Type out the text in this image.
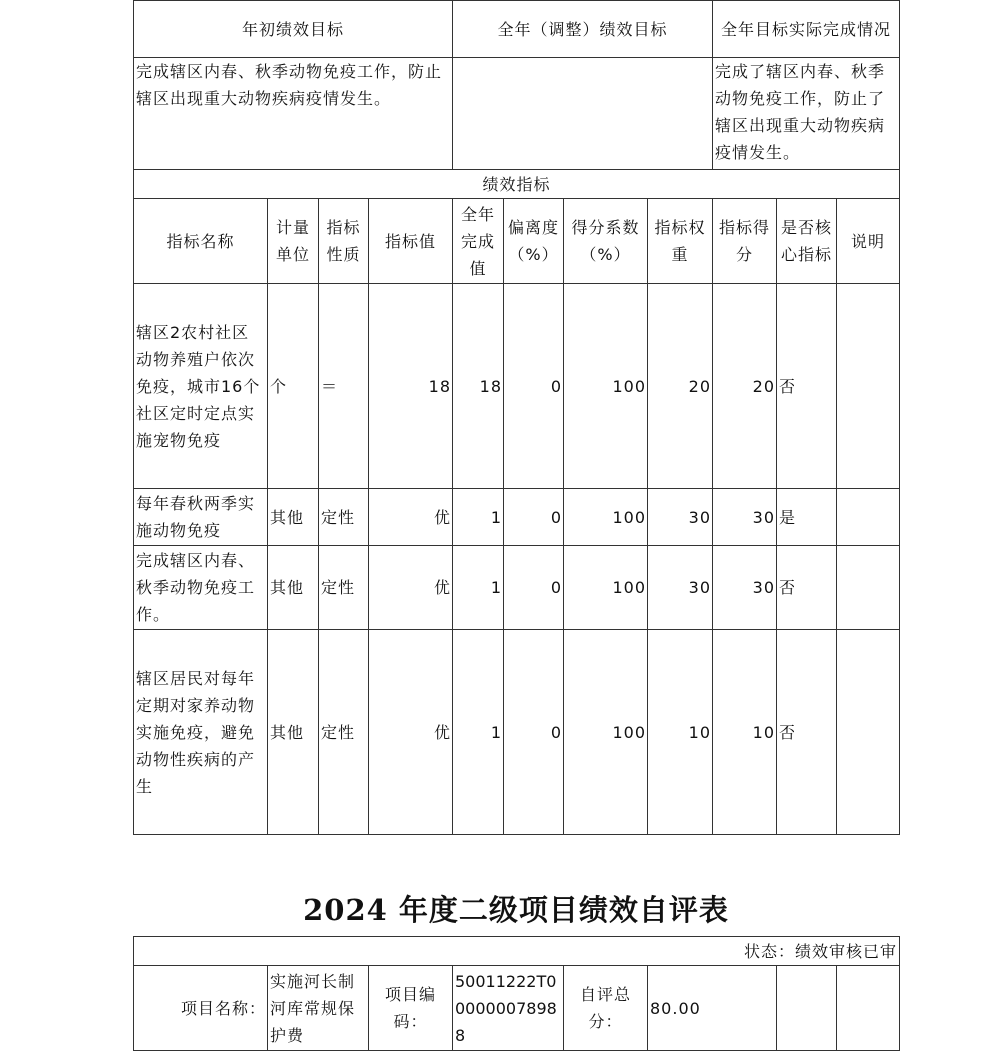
年初绩效目标				全年（调整）绩效目标				全年目标实际完成情况		
完成辖区内春、秋季动物免疫工作，防止辖区出现重大动物疾病疫情发生。								完成了辖区内春、秋季动物免疫工作，防止了辖区出现重大动物疾病疫情发生。		
绩效指标										
指标名称	计量单位	指标性质	指标值	全年完成值	偏离度（%）	得分系数（%）	指标权重	指标得分	是否核心指标	说明
辖区2农村社区动物养殖户依次免疫，城市16个社区定时定点实施宠物免疫	个	＝	18	18	0	100	20	20	否	
每年春秋两季实施动物免疫	其他	定性	优	1	0	100	30	30	是	
完成辖区内春、秋季动物免疫工作。	其他	定性	优	1	0	100	30	30	否	
辖区居民对每年定期对家养动物实施免疫，避免动物性疾病的产生	其他	定性	优	1	0	100	10	10	否	
2024 年度二级项目绩效自评表
状态：绩效审核已审
项目名称：	实施河长制河库常规保护费	项目编码：	50011222T000000078988	自评总分：	80.00		
